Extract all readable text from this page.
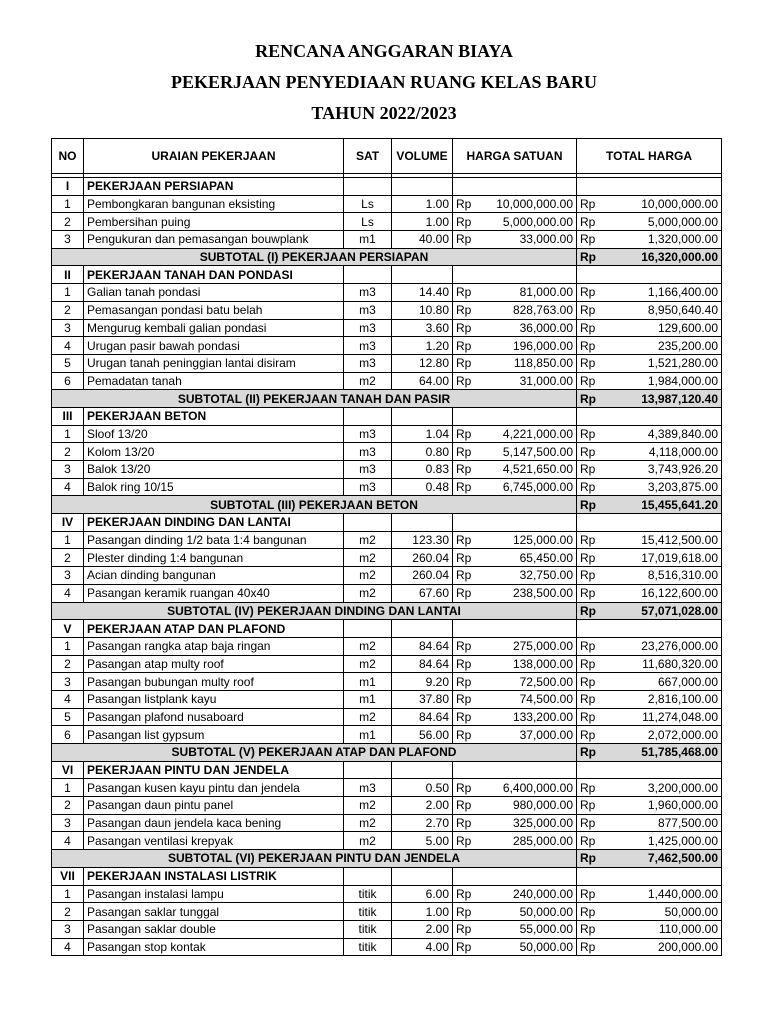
RENCANA ANGGARAN BIAYA
PEKERJAAN PENYEDIAAN RUANG KELAS BARU
TAHUN 2022/2023
NO	URAIAN PEKERJAAN	SAT	VOLUME	HARGA SATUAN		TOTAL HARGA	

I	PEKERJAAN PERSIAPAN						
1	Pembongkaran bangunan eksisting	Ls	1.00	Rp	10,000,000.00	Rp	10,000,000.00
2	Pembersihan puing	Ls	1.00	Rp	5,000,000.00	Rp	5,000,000.00
3	Pengukuran dan pemasangan bouwplank	m1	40.00	Rp	33,000.00	Rp	1,320,000.00
SUBTOTAL (I) PEKERJAAN PERSIAPAN						Rp	16,320,000.00
II	PEKERJAAN TANAH DAN PONDASI						
1	Galian tanah pondasi	m3	14.40	Rp	81,000.00	Rp	1,166,400.00
2	Pemasangan pondasi batu belah	m3	10.80	Rp	828,763.00	Rp	8,950,640.40
3	Mengurug kembali galian pondasi	m3	3.60	Rp	36,000.00	Rp	129,600.00
4	Urugan pasir bawah pondasi	m3	1.20	Rp	196,000.00	Rp	235,200.00
5	Urugan tanah peninggian lantai disiram	m3	12.80	Rp	118,850.00	Rp	1,521,280.00
6	Pemadatan tanah	m2	64.00	Rp	31,000.00	Rp	1,984,000.00
SUBTOTAL (II) PEKERJAAN TANAH DAN PASIR						Rp	13,987,120.40
III	PEKERJAAN BETON						
1	Sloof 13/20	m3	1.04	Rp	4,221,000.00	Rp	4,389,840.00
2	Kolom 13/20	m3	0.80	Rp	5,147,500.00	Rp	4,118,000.00
3	Balok 13/20	m3	0.83	Rp	4,521,650.00	Rp	3,743,926.20
4	Balok ring 10/15	m3	0.48	Rp	6,745,000.00	Rp	3,203,875.00
SUBTOTAL (III) PEKERJAAN BETON						Rp	15,455,641.20
IV	PEKERJAAN DINDING DAN LANTAI						
1	Pasangan dinding 1/2 bata 1:4 bangunan	m2	123.30	Rp	125,000.00	Rp	15,412,500.00
2	Plester dinding 1:4 bangunan	m2	260.04	Rp	65,450.00	Rp	17,019,618.00
3	Acian dinding bangunan	m2	260.04	Rp	32,750.00	Rp	8,516,310.00
4	Pasangan keramik ruangan 40x40	m2	67.60	Rp	238,500.00	Rp	16,122,600.00
SUBTOTAL (IV) PEKERJAAN DINDING DAN LANTAI						Rp	57,071,028.00
V	PEKERJAAN ATAP DAN PLAFOND						
1	Pasangan rangka atap baja ringan	m2	84.64	Rp	275,000.00	Rp	23,276,000.00
2	Pasangan atap multy roof	m2	84.64	Rp	138,000.00	Rp	11,680,320.00
3	Pasangan bubungan multy roof	m1	9.20	Rp	72,500.00	Rp	667,000.00
4	Pasangan listplank kayu	m1	37.80	Rp	74,500.00	Rp	2,816,100.00
5	Pasangan plafond nusaboard	m2	84.64	Rp	133,200.00	Rp	11,274,048.00
6	Pasangan list gypsum	m1	56.00	Rp	37,000.00	Rp	2,072,000.00
SUBTOTAL (V) PEKERJAAN ATAP DAN PLAFOND						Rp	51,785,468.00
VI	PEKERJAAN PINTU DAN JENDELA						
1	Pasangan kusen kayu pintu dan jendela	m3	0.50	Rp	6,400,000.00	Rp	3,200,000.00
2	Pasangan daun pintu panel	m2	2.00	Rp	980,000.00	Rp	1,960,000.00
3	Pasangan daun jendela kaca bening	m2	2.70	Rp	325,000.00	Rp	877,500.00
4	Pasangan ventilasi krepyak	m2	5.00	Rp	285,000.00	Rp	1,425,000.00
SUBTOTAL (VI) PEKERJAAN PINTU DAN JENDELA						Rp	7,462,500.00
VII	PEKERJAAN INSTALASI LISTRIK						
1	Pasangan instalasi lampu	titik	6.00	Rp	240,000.00	Rp	1,440,000.00
2	Pasangan saklar tunggal	titik	1.00	Rp	50,000.00	Rp	50,000.00
3	Pasangan saklar double	titik	2.00	Rp	55,000.00	Rp	110,000.00
4	Pasangan stop kontak	titik	4.00	Rp	50,000.00	Rp	200,000.00
